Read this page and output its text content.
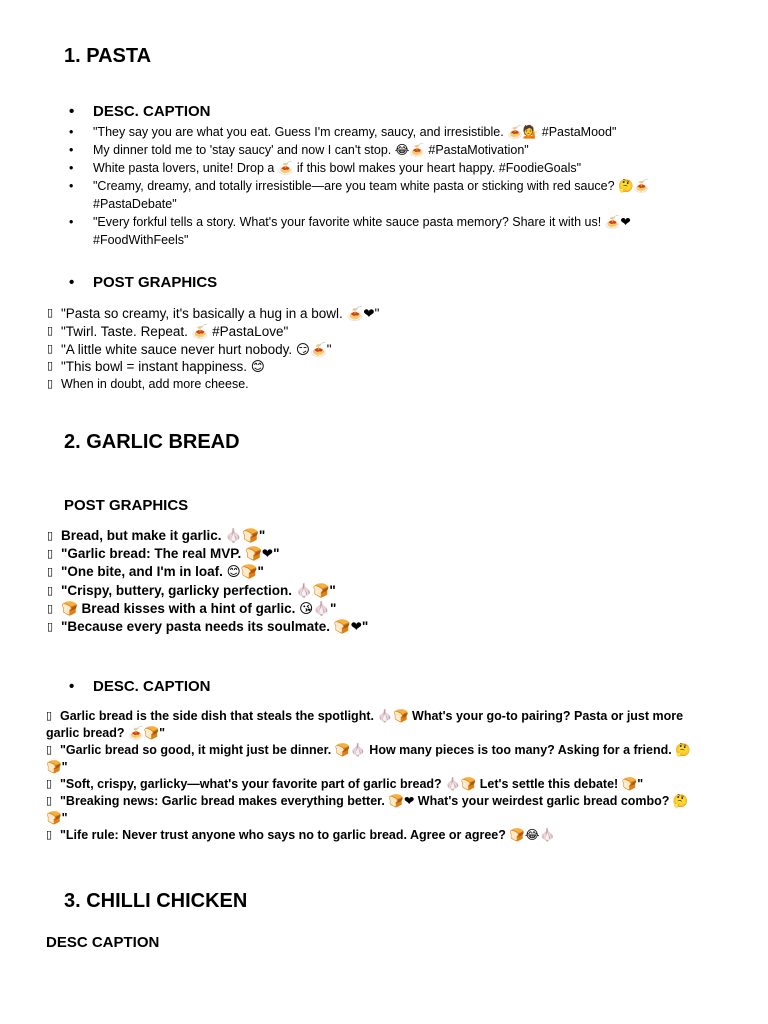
1. PASTA
• DESC. CAPTION
• "They say you are what you eat. Guess I'm creamy, saucy, and irresistible. 🍝💁 #PastaMood"
• My dinner told me to 'stay saucy' and now I can't stop. 😂🍝 #PastaMotivation"
• White pasta lovers, unite! Drop a 🍝 if this bowl makes your heart happy. #FoodieGoals"
• "Creamy, dreamy, and totally irresistible—are you team white pasta or sticking with red sauce? 🤔🍝 #PastaDebate"
• "Every forkful tells a story. What's your favorite white sauce pasta memory? Share it with us! 🍝❤ #FoodWithFeels"
• POST GRAPHICS
▯ "Pasta so creamy, it's basically a hug in a bowl. 🍝❤"
▯ "Twirl. Taste. Repeat. 🍝 #PastaLove"
▯ "A little white sauce never hurt nobody. 😏🍝"
▯ "This bowl = instant happiness. 😊
▯ When in doubt, add more cheese.
2. GARLIC BREAD
POST GRAPHICS
▯ Bread, but make it garlic. 🧄🍞"
▯ "Garlic bread: The real MVP. 🍞❤"
▯ "One bite, and I'm in loaf. 😊🍞"
▯ "Crispy, buttery, garlicky perfection. 🧄🍞"
▯ 🍞 Bread kisses with a hint of garlic. 😘🧄"
▯ "Because every pasta needs its soulmate. 🍞❤"
• DESC. CAPTION
▯ Garlic bread is the side dish that steals the spotlight. 🧄🍞 What's your go-to pairing? Pasta or just more garlic bread? 🍝🍞"
▯ "Garlic bread so good, it might just be dinner. 🍞🧄 How many pieces is too many? Asking for a friend. 🤔🍞"
▯ "Soft, crispy, garlicky—what's your favorite part of garlic bread? 🧄🍞 Let's settle this debate! 🍞"
▯ "Breaking news: Garlic bread makes everything better. 🍞❤ What's your weirdest garlic bread combo? 🤔🍞"
▯ "Life rule: Never trust anyone who says no to garlic bread. Agree or agree? 🍞😂🧄
3. CHILLI CHICKEN
DESC CAPTION
